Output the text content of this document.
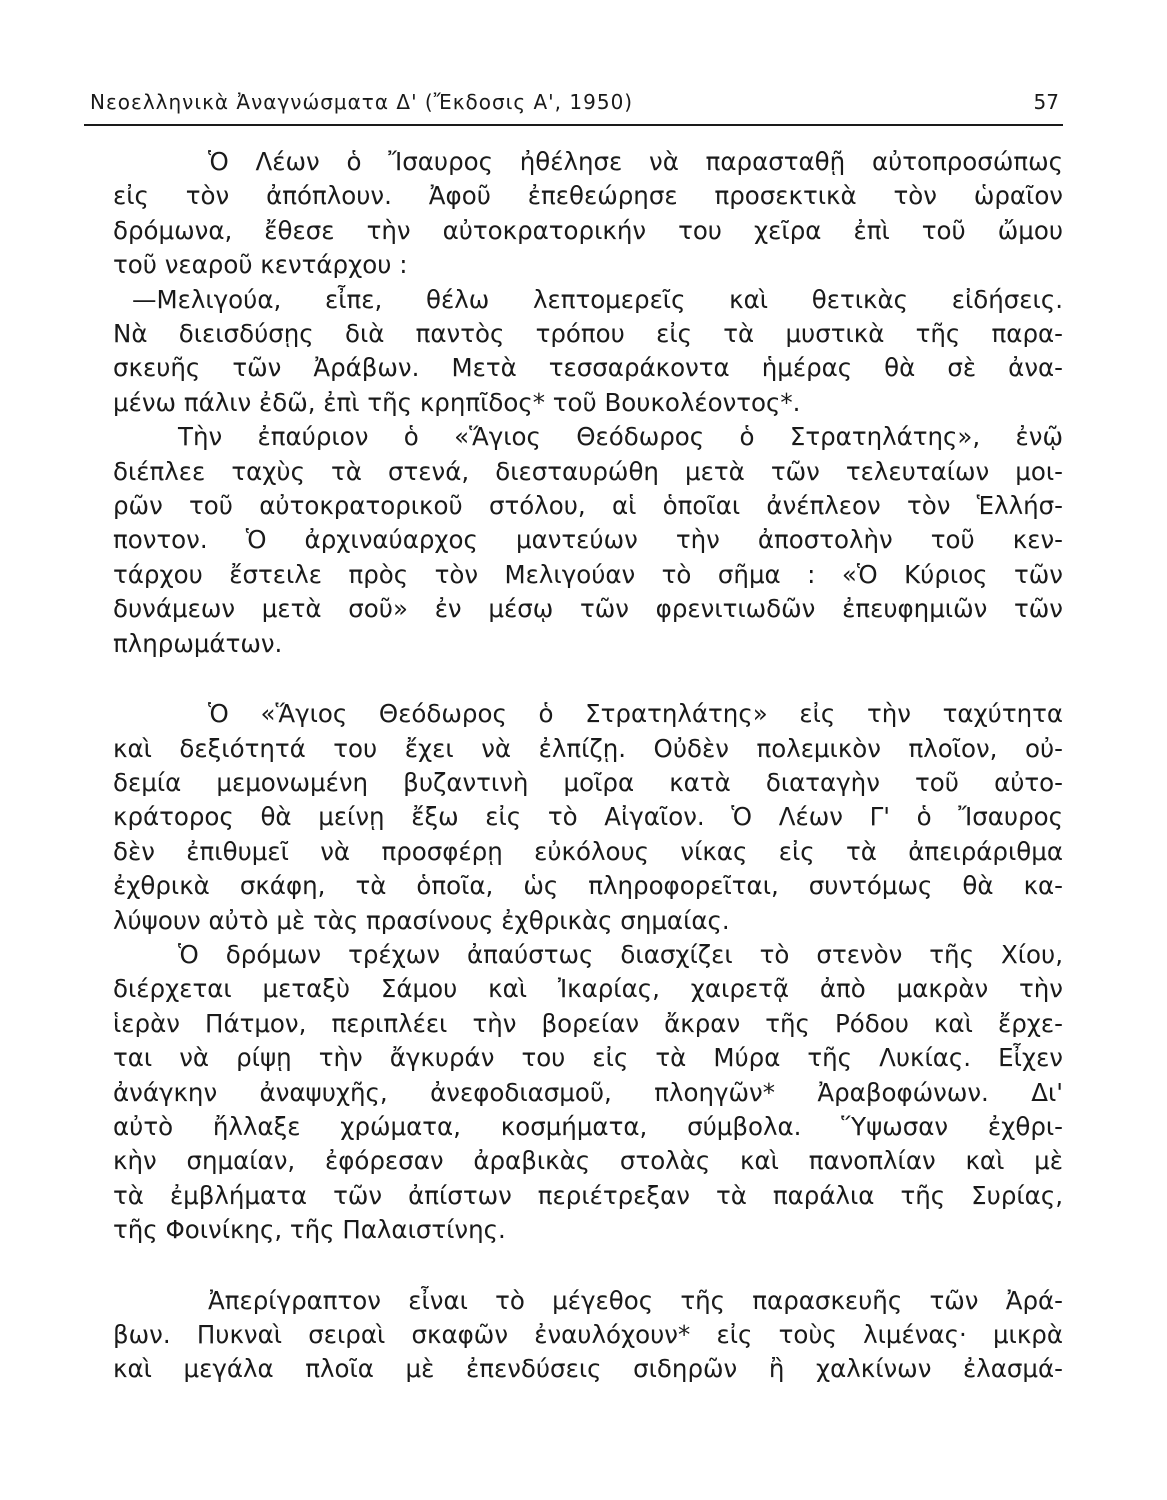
Νεοελληνικὰ Ἀναγνώσματα Δ' (Ἔκδοσις Α', 1950)	57
Ὁ Λέων ὁ Ἴσαυρος ἠθέλησε νὰ παρασταθῇ αὐτοπροσώπως
εἰς τὸν ἀπόπλουν. Ἀφοῦ ἐπεθεώρησε προσεκτικὰ τὸν ὡραῖον
δρόμωνα, ἔθεσε τὴν αὐτοκρατορικήν του χεῖρα ἐπὶ τοῦ ὤμου
τοῦ νεαροῦ κεντάρχου :
—Μελιγούα, εἶπε, θέλω λεπτομερεῖς καὶ θετικὰς εἰδήσεις.
Νὰ διεισδύσῃς διὰ παντὸς τρόπου εἰς τὰ μυστικὰ τῆς παρα-
σκευῆς τῶν Ἀράβων. Μετὰ τεσσαράκοντα ἡμέρας θὰ σὲ ἀνα-
μένω πάλιν ἐδῶ, ἐπὶ τῆς κρηπῖδος* τοῦ Βουκολέοντος*.
Τὴν ἐπαύριον ὁ «Ἅγιος Θεόδωρος ὁ Στρατηλάτης», ἐνῷ
διέπλεε ταχὺς τὰ στενά, διεσταυρώθη μετὰ τῶν τελευταίων μοι-
ρῶν τοῦ αὐτοκρατορικοῦ στόλου, αἱ ὁποῖαι ἀνέπλεον τὸν Ἑλλήσ-
ποντον. Ὁ ἀρχιναύαρχος μαντεύων τὴν ἀποστολὴν τοῦ κεν-
τάρχου ἔστειλε πρὸς τὸν Μελιγούαν τὸ σῆμα : «Ὁ Κύριος τῶν
δυνάμεων μετὰ σοῦ» ἐν μέσῳ τῶν φρενιτιωδῶν ἐπευφημιῶν τῶν
πληρωμάτων.
Ὁ «Ἅγιος Θεόδωρος ὁ Στρατηλάτης» εἰς τὴν ταχύτητα
καὶ δεξιότητά του ἔχει νὰ ἐλπίζῃ. Οὐδὲν πολεμικὸν πλοῖον, οὐ-
δεμία μεμονωμένη βυζαντινὴ μοῖρα κατὰ διαταγὴν τοῦ αὐτο-
κράτορος θὰ μείνῃ ἔξω εἰς τὸ Αἰγαῖον. Ὁ Λέων Γ' ὁ Ἴσαυρος
δὲν ἐπιθυμεῖ νὰ προσφέρῃ εὐκόλους νίκας εἰς τὰ ἀπειράριθμα
ἐχθρικὰ σκάφη, τὰ ὁποῖα, ὡς πληροφορεῖται, συντόμως θὰ κα-
λύψουν αὐτὸ μὲ τὰς πρασίνους ἐχθρικὰς σημαίας.
Ὁ δρόμων τρέχων ἀπαύστως διασχίζει τὸ στενὸν τῆς Χίου,
διέρχεται μεταξὺ Σάμου καὶ Ἰκαρίας, χαιρετᾷ ἀπὸ μακρὰν τὴν
ἱερὰν Πάτμον, περιπλέει τὴν βορείαν ἄκραν τῆς Ρόδου καὶ ἔρχε-
ται νὰ ρίψῃ τὴν ἄγκυράν του εἰς τὰ Μύρα τῆς Λυκίας. Εἶχεν
ἀνάγκην ἀναψυχῆς, ἀνεφοδιασμοῦ, πλοηγῶν* Ἀραβοφώνων. Δι'
αὐτὸ ἤλλαξε χρώματα, κοσμήματα, σύμβολα. Ὕψωσαν ἐχθρι-
κὴν σημαίαν, ἐφόρεσαν ἀραβικὰς στολὰς καὶ πανοπλίαν καὶ μὲ
τὰ ἐμβλήματα τῶν ἀπίστων περιέτρεξαν τὰ παράλια τῆς Συρίας,
τῆς Φοινίκης, τῆς Παλαιστίνης.
Ἀπερίγραπτον εἶναι τὸ μέγεθος τῆς παρασκευῆς τῶν Ἀρά-
βων. Πυκναὶ σειραὶ σκαφῶν ἐναυλόχουν* εἰς τοὺς λιμένας· μικρὰ
καὶ μεγάλα πλοῖα μὲ ἐπενδύσεις σιδηρῶν ἢ χαλκίνων ἐλασμά-
